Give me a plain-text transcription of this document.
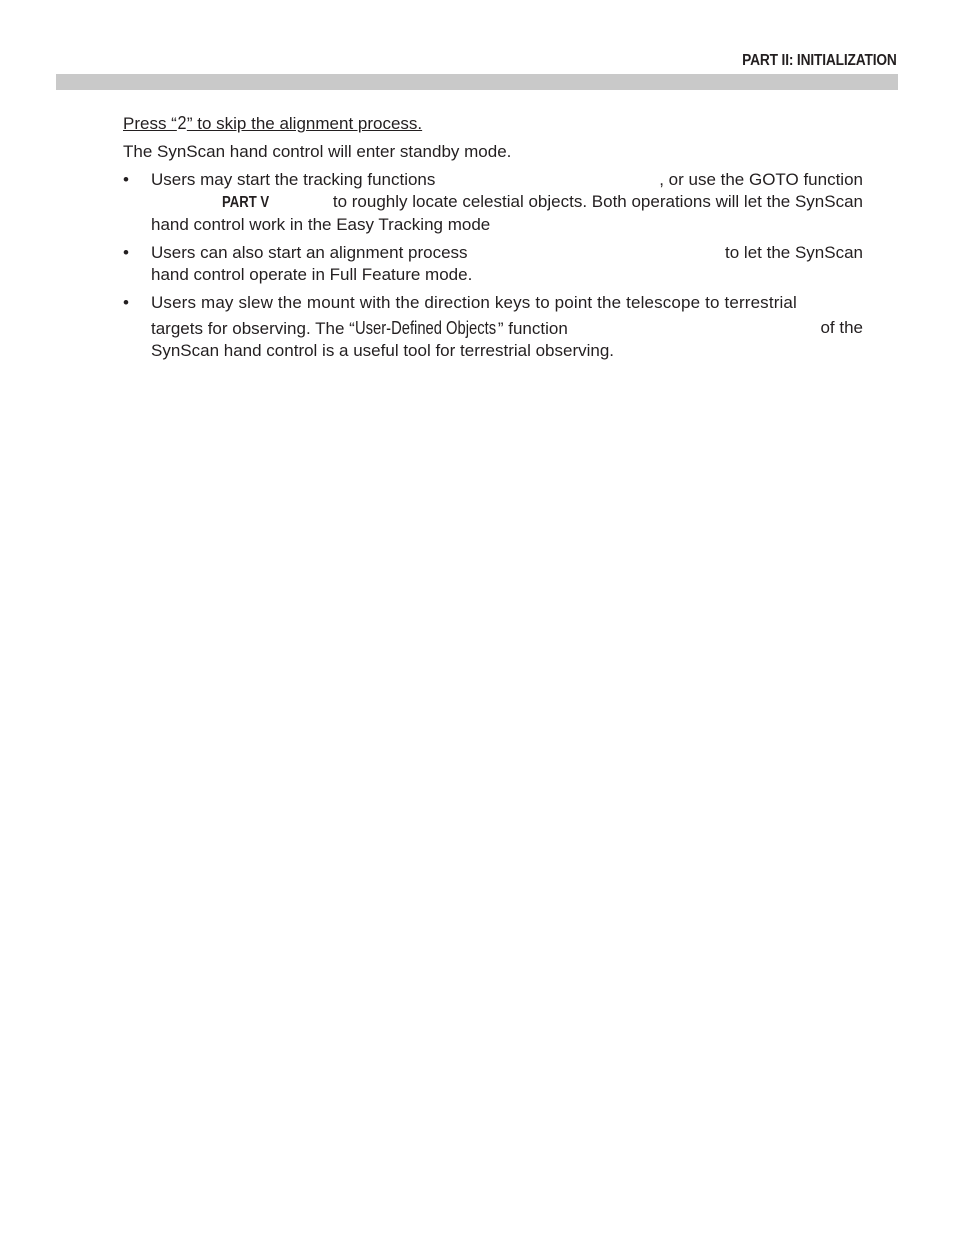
PART II: INITIALIZATION

Press “2” to skip the alignment process.

The SynScan hand control will enter standby mode.

• Users may start the tracking functions	, or use the GOTO function
PART V	to roughly locate celestial objects. Both operations will let the SynScan
hand control work in the Easy Tracking mode
• Users can also start an alignment process	to let the SynScan
hand control operate in Full Feature mode.
• Users may slew the mount with the direction keys to point the telescope to terrestrial
targets for observing. The “User-Defined Objects ” function	of the
SynScan hand control is a useful tool for terrestrial observing.
